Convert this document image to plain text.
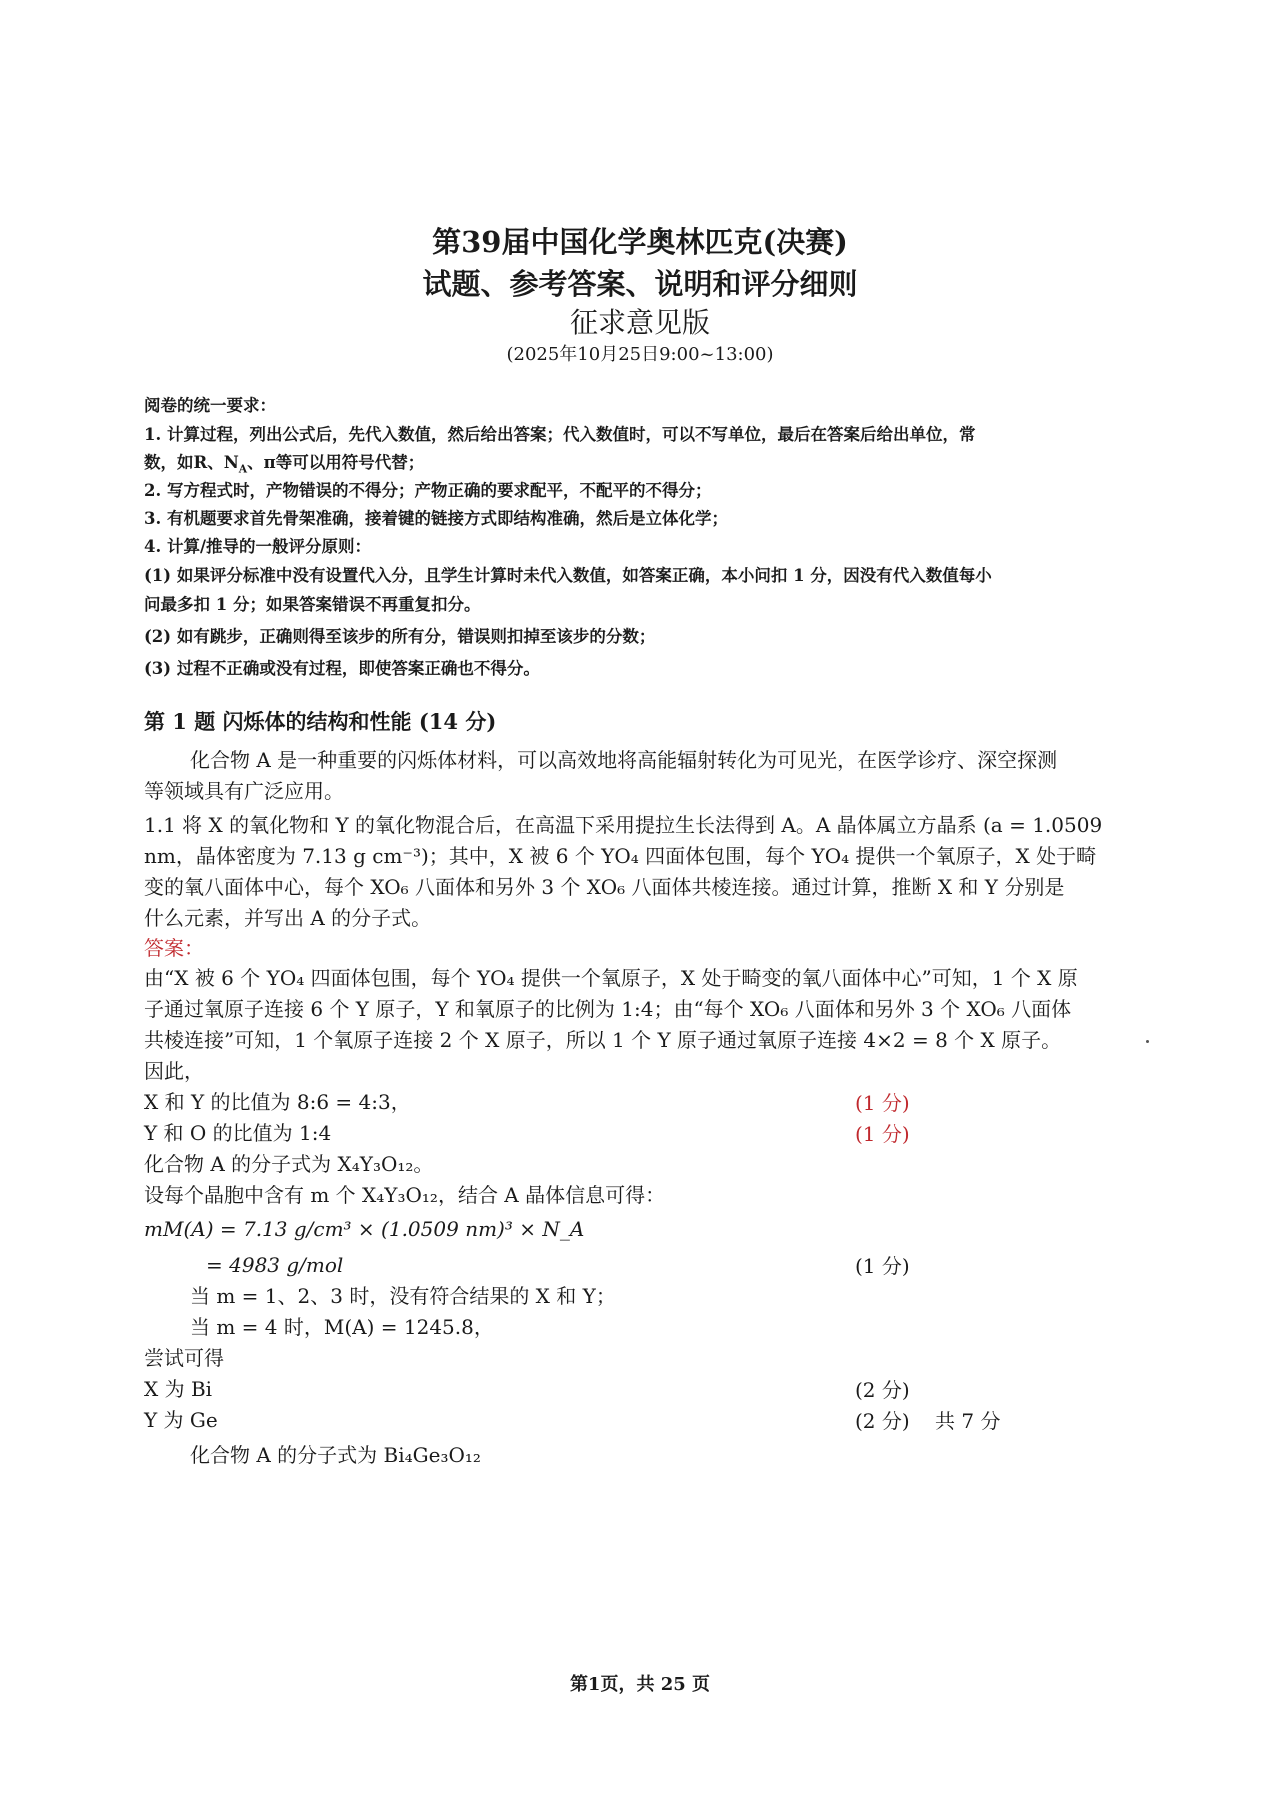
第39届中国化学奥林匹克(决赛)
试题、参考答案、说明和评分细则
征求意见版
(2025年10月25日9:00~13:00)
阅卷的统一要求：
1. 计算过程，列出公式后，先代入数值，然后给出答案；代入数值时，可以不写单位，最后在答案后给出单位，常
数，如R、$N_A$、π等可以用符号代替；
2. 写方程式时，产物错误的不得分；产物正确的要求配平，不配平的不得分；
3. 有机题要求首先骨架准确，接着键的链接方式即结构准确，然后是立体化学；
4. 计算/推导的一般评分原则：
(1) 如果评分标准中没有设置代入分，且学生计算时未代入数值，如答案正确，本小问扣 1 分，因没有代入数值每小
问最多扣 1 分；如果答案错误不再重复扣分。
(2) 如有跳步，正确则得至该步的所有分，错误则扣掉至该步的分数；
(3) 过程不正确或没有过程，即使答案正确也不得分。
第 1 题 闪烁体的结构和性能 (14 分)
化合物 A 是一种重要的闪烁体材料，可以高效地将高能辐射转化为可见光，在医学诊疗、深空探测
等领域具有广泛应用。
1.1 将 X 的氧化物和 Y 的氧化物混合后，在高温下采用提拉生长法得到 A。A 晶体属立方晶系 (a = 1.0509
nm，晶体密度为 7.13 g cm⁻³)；其中，X 被 6 个 YO₄ 四面体包围，每个 YO₄ 提供一个氧原子，X 处于畸
变的氧八面体中心，每个 XO₆ 八面体和另外 3 个 XO₆ 八面体共棱连接。通过计算，推断 X 和 Y 分别是
什么元素，并写出 A 的分子式。
答案：
由“X 被 6 个 YO₄ 四面体包围，每个 YO₄ 提供一个氧原子，X 处于畸变的氧八面体中心”可知，1 个 X 原
子通过氧原子连接 6 个 Y 原子，Y 和氧原子的比例为 1:4；由“每个 XO₆ 八面体和另外 3 个 XO₆ 八面体
共棱连接”可知，1 个氧原子连接 2 个 X 原子，所以 1 个 Y 原子通过氧原子连接 4×2 = 8 个 X 原子。
因此，
X 和 Y 的比值为 8:6 = 4:3，	(1 分)
Y 和 O 的比值为 1:4	(1 分)
化合物 A 的分子式为 X₄Y₃O₁₂。
设每个晶胞中含有 m 个 X₄Y₃O₁₂，结合 A 晶体信息可得：
mM(A) = 7.13 g/cm³ × (1.0509 nm)³ × N_A
= 4983 g/mol	(1 分)
当 m = 1、2、3 时，没有符合结果的 X 和 Y；
当 m = 4 时，M(A) = 1245.8，
尝试可得
X 为 Bi	(2 分)
Y 为 Ge	(2 分) 共 7 分
化合物 A 的分子式为 Bi₄Ge₃O₁₂
第1页，共 25 页
